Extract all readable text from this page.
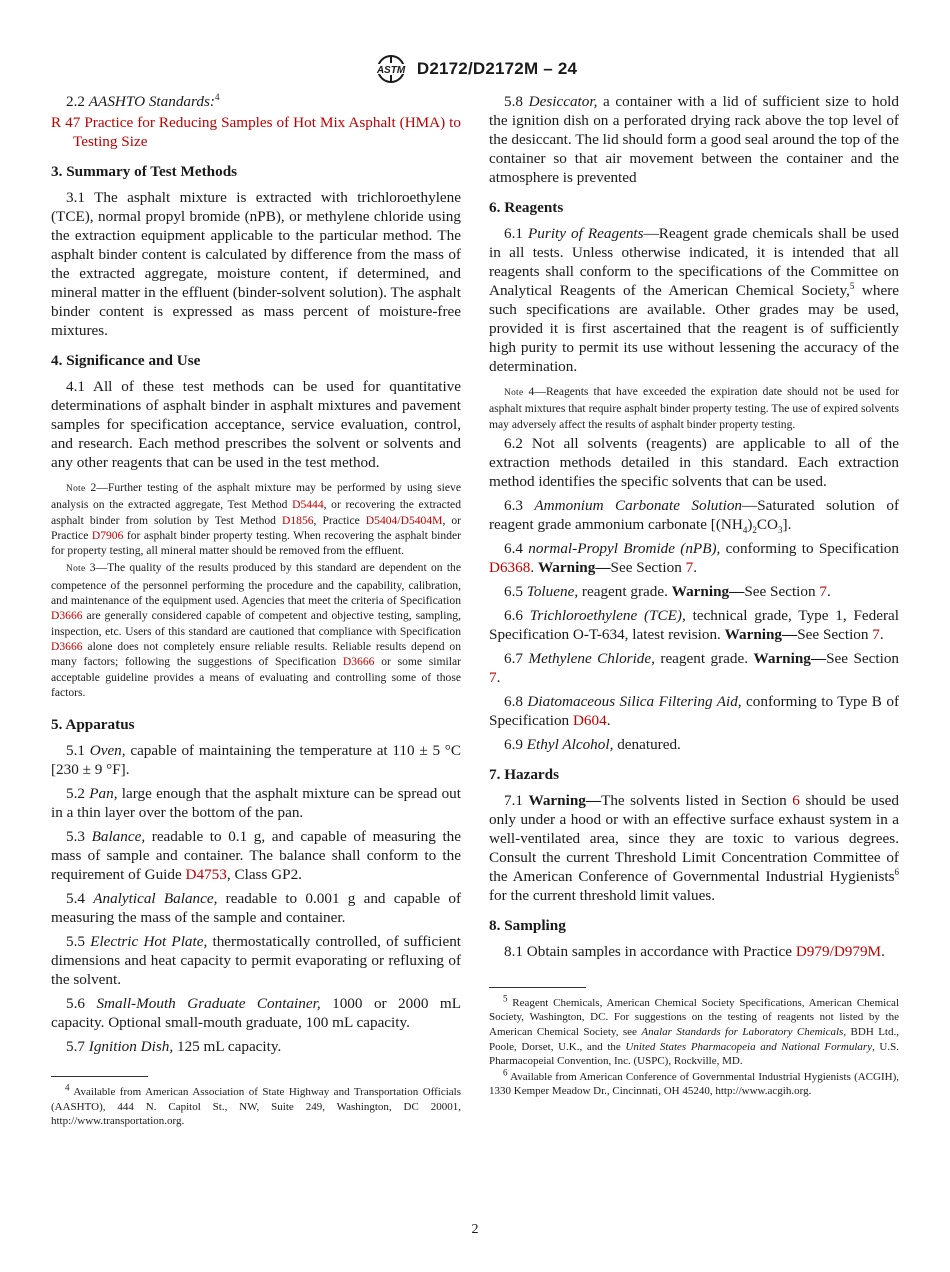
ASTM D2172/D2172M – 24

2.2 AASHTO Standards:$^4$

R 47 Practice for Reducing Samples of Hot Mix Asphalt (HMA) to Testing Size

3. Summary of Test Methods

3.1 The asphalt mixture is extracted with trichloroethylene (TCE), normal propyl bromide (nPB), or methylene chloride using the extraction equipment applicable to the particular method. The asphalt binder content is calculated by difference from the mass of the extracted aggregate, moisture content, if determined, and mineral matter in the effluent (binder-solvent solution). The asphalt binder content is expressed as mass percent of moisture-free mixtures.

4. Significance and Use

4.1 All of these test methods can be used for quantitative determinations of asphalt binder in asphalt mixtures and pavement samples for specification acceptance, service evaluation, control, and research. Each method prescribes the solvent or solvents and any other reagents that can be used in the test method.

Note 2—Further testing of the asphalt mixture may be performed by using sieve analysis on the extracted aggregate, Test Method D5444, or recovering the extracted asphalt binder from solution by Test Method D1856, Practice D5404/D5404M, or Practice D7906 for asphalt binder property testing. When recovering the asphalt binder for property testing, all mineral matter should be removed from the effluent.

Note 3—The quality of the results produced by this standard are dependent on the competence of the personnel performing the procedure and the capability, calibration, and maintenance of the equipment used. Agencies that meet the criteria of Specification D3666 are generally considered capable of competent and objective testing, sampling, inspection, etc. Users of this standard are cautioned that compliance with Specification D3666 alone does not completely ensure reliable results. Reliable results depend on many factors; following the suggestions of Specification D3666 or some similar acceptable guideline provides a means of evaluating and controlling some of those factors.

5. Apparatus

5.1 Oven, capable of maintaining the temperature at 110 ± 5 °C [230 ± 9 °F].

5.2 Pan, large enough that the asphalt mixture can be spread out in a thin layer over the bottom of the pan.

5.3 Balance, readable to 0.1 g, and capable of measuring the mass of sample and container. The balance shall conform to the requirement of Guide D4753, Class GP2.

5.4 Analytical Balance, readable to 0.001 g and capable of measuring the mass of the sample and container.

5.5 Electric Hot Plate, thermostatically controlled, of sufficient dimensions and heat capacity to permit evaporating or refluxing of the solvent.

5.6 Small-Mouth Graduate Container, 1000 or 2000 mL capacity. Optional small-mouth graduate, 100 mL capacity.

5.7 Ignition Dish, 125 mL capacity.

$^4$ Available from American Association of State Highway and Transportation Officials (AASHTO), 444 N. Capitol St., NW, Suite 249, Washington, DC 20001, http://www.transportation.org.

5.8 Desiccator, a container with a lid of sufficient size to hold the ignition dish on a perforated drying rack above the top level of the desiccant. The lid should form a good seal around the top of the container so that air movement between the container and the atmosphere is prevented

6. Reagents

6.1 Purity of Reagents—Reagent grade chemicals shall be used in all tests. Unless otherwise indicated, it is intended that all reagents shall conform to the specifications of the Committee on Analytical Reagents of the American Chemical Society,$^5$ where such specifications are available. Other grades may be used, provided it is first ascertained that the reagent is of sufficiently high purity to permit its use without lessening the accuracy of the determination.

Note 4—Reagents that have exceeded the expiration date should not be used for asphalt mixtures that require asphalt binder property testing. The use of expired solvents may adversely affect the results of asphalt binder property testing.

6.2 Not all solvents (reagents) are applicable to all of the extraction methods detailed in this standard. Each extraction method identifies the specific solvents that can be used.

6.3 Ammonium Carbonate Solution—Saturated solution of reagent grade ammonium carbonate $[(NH_4)_2CO_3]$.

6.4 normal-Propyl Bromide (nPB), conforming to Specification D6368. Warning—See Section 7.

6.5 Toluene, reagent grade. Warning—See Section 7.

6.6 Trichloroethylene (TCE), technical grade, Type 1, Federal Specification O-T-634, latest revision. Warning—See Section 7.

6.7 Methylene Chloride, reagent grade. Warning—See Section 7.

6.8 Diatomaceous Silica Filtering Aid, conforming to Type B of Specification D604.

6.9 Ethyl Alcohol, denatured.

7. Hazards

7.1 Warning—The solvents listed in Section 6 should be used only under a hood or with an effective surface exhaust system in a well-ventilated area, since they are toxic to various degrees. Consult the current Threshold Limit Concentration Committee of the American Conference of Governmental Industrial Hygienists$^6$ for the current threshold limit values.

8. Sampling

8.1 Obtain samples in accordance with Practice D979/D979M.

$^5$ Reagent Chemicals, American Chemical Society Specifications, American Chemical Society, Washington, DC. For suggestions on the testing of reagents not listed by the American Chemical Society, see Analar Standards for Laboratory Chemicals, BDH Ltd., Poole, Dorset, U.K., and the United States Pharmacopeia and National Formulary, U.S. Pharmacopeial Convention, Inc. (USPC), Rockville, MD.

$^6$ Available from American Conference of Governmental Industrial Hygienists (ACGIH), 1330 Kemper Meadow Dr., Cincinnati, OH 45240, http://www.acgih.org.

2
